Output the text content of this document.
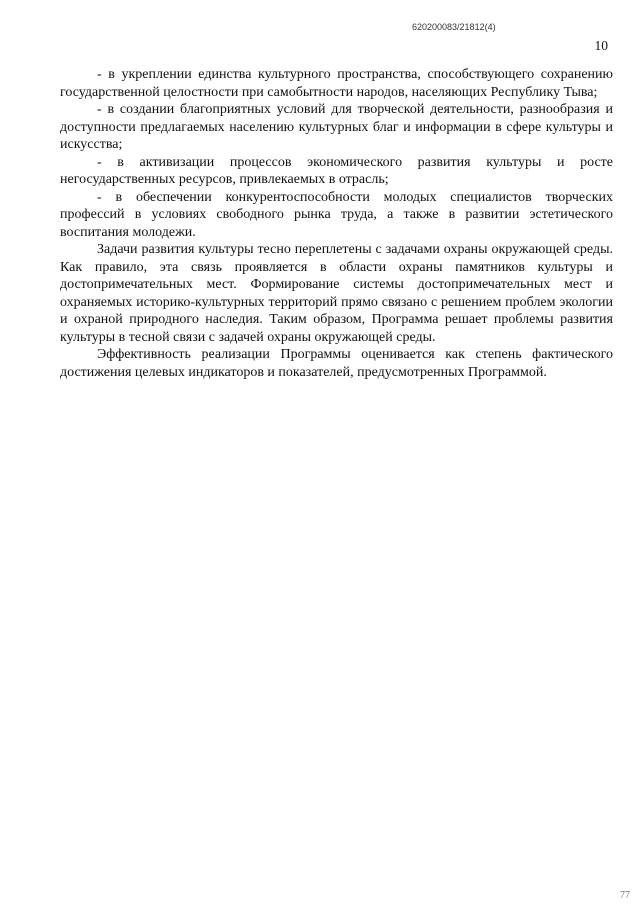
620200083/21812(4)
10

- в укреплении единства культурного пространства, способствующего сохранению государственной целостности при самобытности народов, населяющих Республику Тыва;

- в создании благоприятных условий для творческой деятельности, разнообразия и доступности предлагаемых населению культурных благ и информации в сфере культуры и искусства;

- в активизации процессов экономического развития культуры и росте негосударственных ресурсов, привлекаемых в отрасль;

- в обеспечении конкурентоспособности молодых специалистов творческих профессий в условиях свободного рынка труда, а также в развитии эстетического воспитания молодежи.

Задачи развития культуры тесно переплетены с задачами охраны окружающей среды. Как правило, эта связь проявляется в области охраны памятников культуры и достопримечательных мест. Формирование системы достопримечательных мест и охраняемых историко-культурных территорий прямо связано с решением проблем экологии и охраной природного наследия. Таким образом, Программа решает проблемы развития культуры в тесной связи с задачей охраны окружающей среды.

Эффективность реализации Программы оценивается как степень фактического достижения целевых индикаторов и показателей, предусмотренных Программой.

77
